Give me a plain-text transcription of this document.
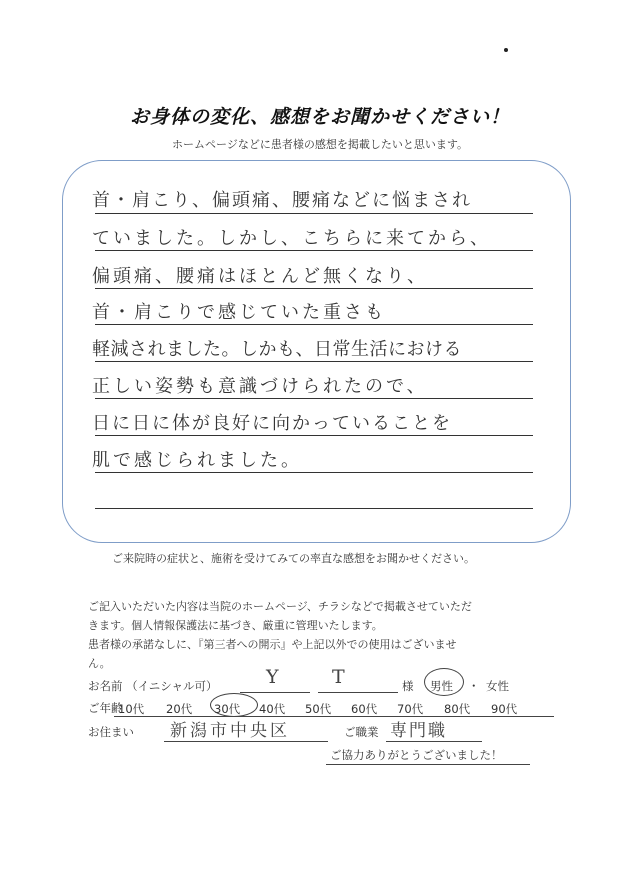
お身体の変化、感想をお聞かせください！
ホームページなどに患者様の感想を掲載したいと思います。
首・肩こり、偏頭痛、腰痛などに悩まされ
ていました。しかし、こちらに来てから、
偏頭痛、腰痛はほとんど無くなり、
首・肩こりで感じていた重さも
軽減されました。しかも、日常生活における
正しい姿勢も意識づけられたので、
日に日に体が良好に向かっていることを
肌で感じられました。
ご来院時の症状と、施術を受けてみての率直な感想をお聞かせください。
ご記入いただいた内容は当院のホームページ、チラシなどで掲載させていただ
きます。個人情報保護法に基づき、厳重に管理いたします。
患者様の承諾なしに、『第三者への開示』や上記以外での使用はございませ
ん。
お名前 （イニシャル可）	Y	T	様 男性 ・ 女性
ご年齢
10代 20代 30代 40代 50代 60代 70代 80代 90代
お住まい 新潟市中央区	ご職業 専門職
ご協力ありがとうございました！
